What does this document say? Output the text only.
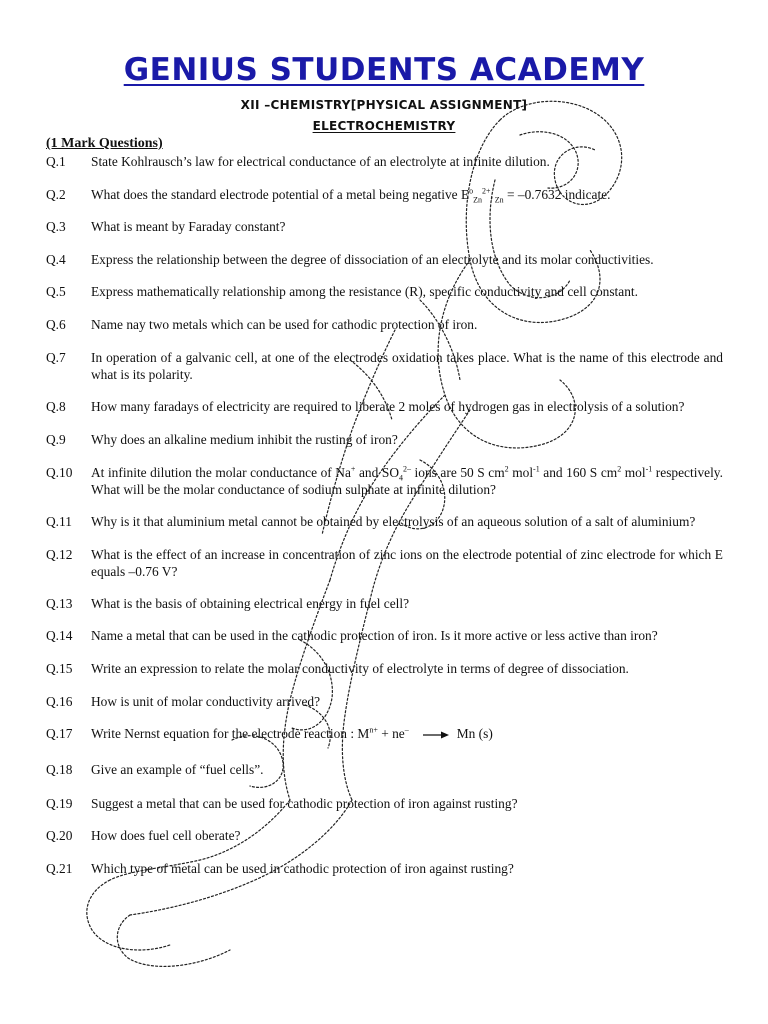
GENIUS STUDENTS ACADEMY
XII –CHEMISTRY[PHYSICAL ASSIGNMENT]
ELECTROCHEMISTRY
(1 Mark Questions)
Q.1 State Kohlrausch’s law for electrical conductance of an electrolyte at infinite dilution.
Q.2 What does the standard electrode potential of a metal being negative $E^o_{Zn}^{2+}_{/ Zn} = -0.7632$ indicate.
Q.3 What is meant by Faraday constant?
Q.4 Express the relationship between the degree of dissociation of an electrolyte and its molar conductivities.
Q.5 Express mathematically relationship among the resistance (R), specific conductivity and cell constant.
Q.6 Name nay two metals which can be used for cathodic protection of iron.
Q.7 In operation of a galvanic cell, at one of the electrodes oxidation takes place. What is the name of this electrode and what is its polarity.
Q.8 How many faradays of electricity are required to liberate 2 moles of hydrogen gas in electrolysis of a solution?
Q.9 Why does an alkaline medium inhibit the rusting of iron?
Q.10 At infinite dilution the molar conductance of Na+ and $SO_4^{2-}$ ions are 50 S $cm^2$ mol$^{-1}$ and 160 S $cm^2$ mol$^{-1}$ respectively. What will be the molar conductance of sodium sulphate at infinite dilution?
Q.11 Why is it that aluminium metal cannot be obtained by electrolysis of an aqueous solution of a salt of aluminium?
Q.12 What is the effect of an increase in concentration of zinc ions on the electrode potential of zinc electrode for which E equals –0.76 V?
Q.13 What is the basis of obtaining electrical energy in fuel cell?
Q.14 Name a metal that can be used in the cathodic protection of iron. Is it more active or less active than iron?
Q.15 Write an expression to relate the molar conductivity of electrolyte in terms of degree of dissociation.
Q.16 How is unit of molar conductivity arrived?
Q.17 Write Nernst equation for the electrode reaction : $M^{n+} + ne^- \to Mn$ (s)
Q.18 Give an example of “fuel cells”.
Q.19 Suggest a metal that can be used for cathodic protection of iron against rusting?
Q.20 How does fuel cell oberate?
Q.21 Which type of metal can be used in cathodic protection of iron against rusting?
